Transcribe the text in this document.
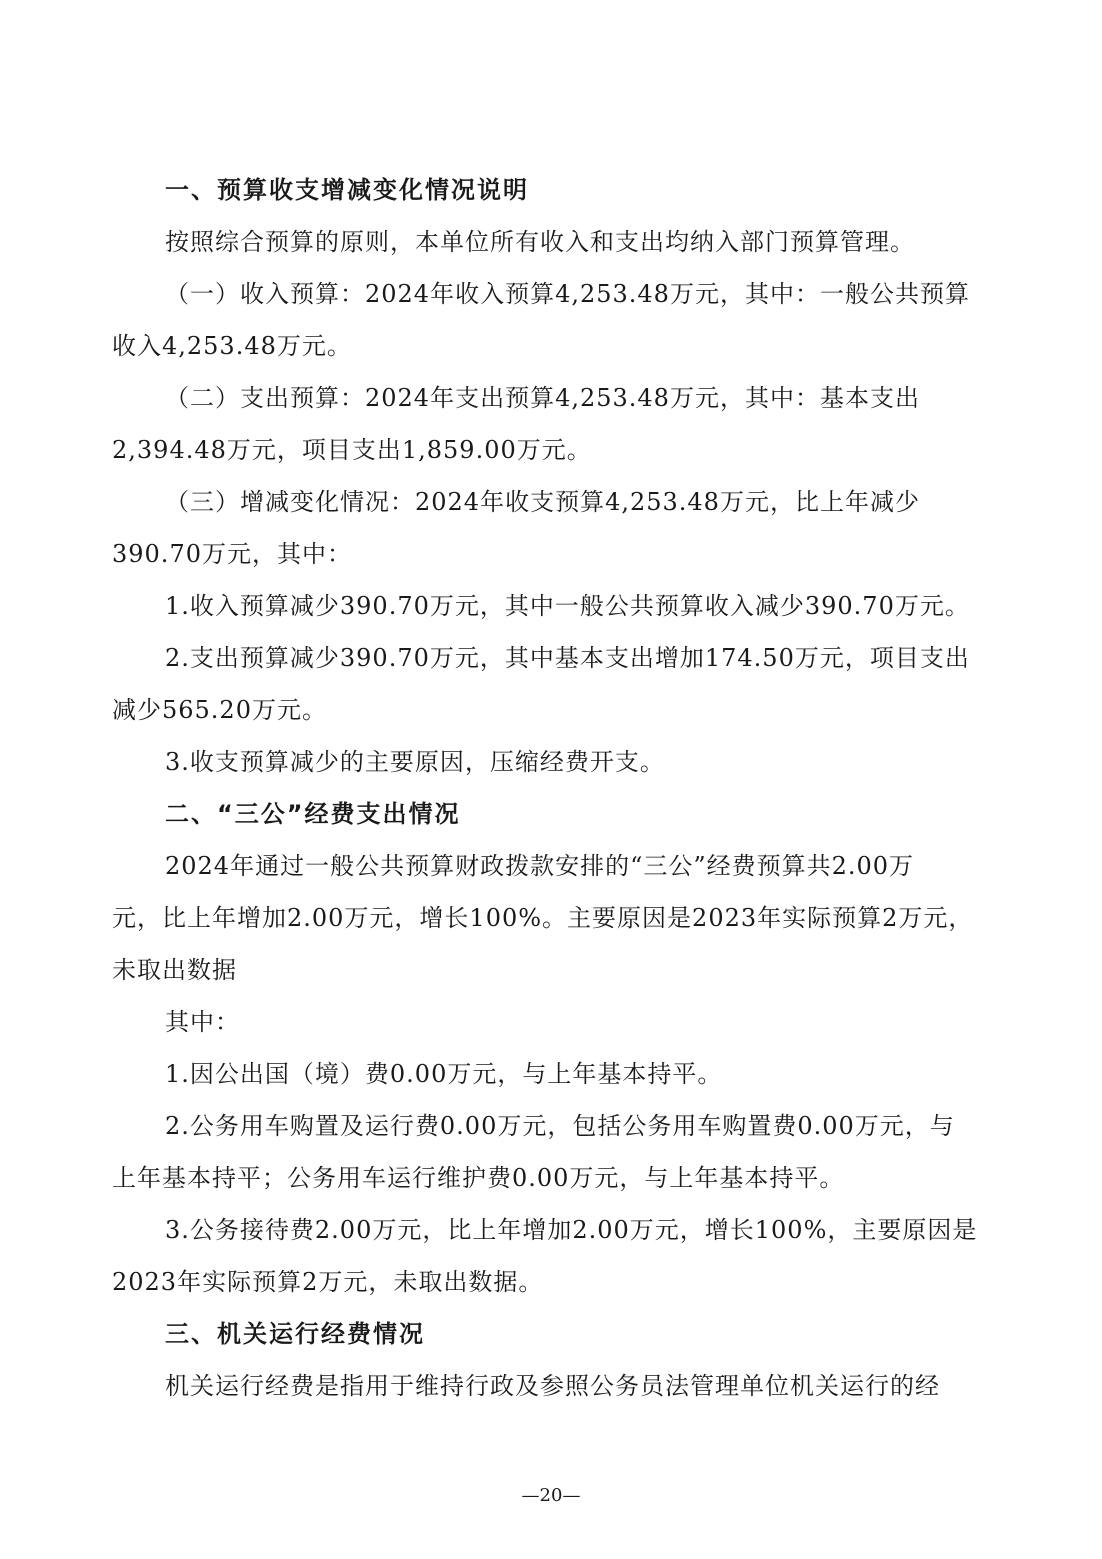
一、预算收支增减变化情况说明
按照综合预算的原则，本单位所有收入和支出均纳入部门预算管理。
（一）收入预算：2024年收入预算4,253.48万元，其中：一般公共预算
收入4,253.48万元。
（二）支出预算：2024年支出预算4,253.48万元，其中：基本支出
2,394.48万元，项目支出1,859.00万元。
（三）增减变化情况：2024年收支预算4,253.48万元，比上年减少
390.70万元，其中：
1.收入预算减少390.70万元，其中一般公共预算收入减少390.70万元。
2.支出预算减少390.70万元，其中基本支出增加174.50万元，项目支出
减少565.20万元。
3.收支预算减少的主要原因，压缩经费开支。
二、“三公”经费支出情况
2024年通过一般公共预算财政拨款安排的“三公”经费预算共2.00万
元，比上年增加2.00万元，增长100%。主要原因是2023年实际预算2万元，
未取出数据
其中：
1.因公出国（境）费0.00万元，与上年基本持平。
2.公务用车购置及运行费0.00万元，包括公务用车购置费0.00万元，与
上年基本持平；公务用车运行维护费0.00万元，与上年基本持平。
3.公务接待费2.00万元，比上年增加2.00万元，增长100%，主要原因是
2023年实际预算2万元，未取出数据。
三、机关运行经费情况
机关运行经费是指用于维持行政及参照公务员法管理单位机关运行的经
—20—
